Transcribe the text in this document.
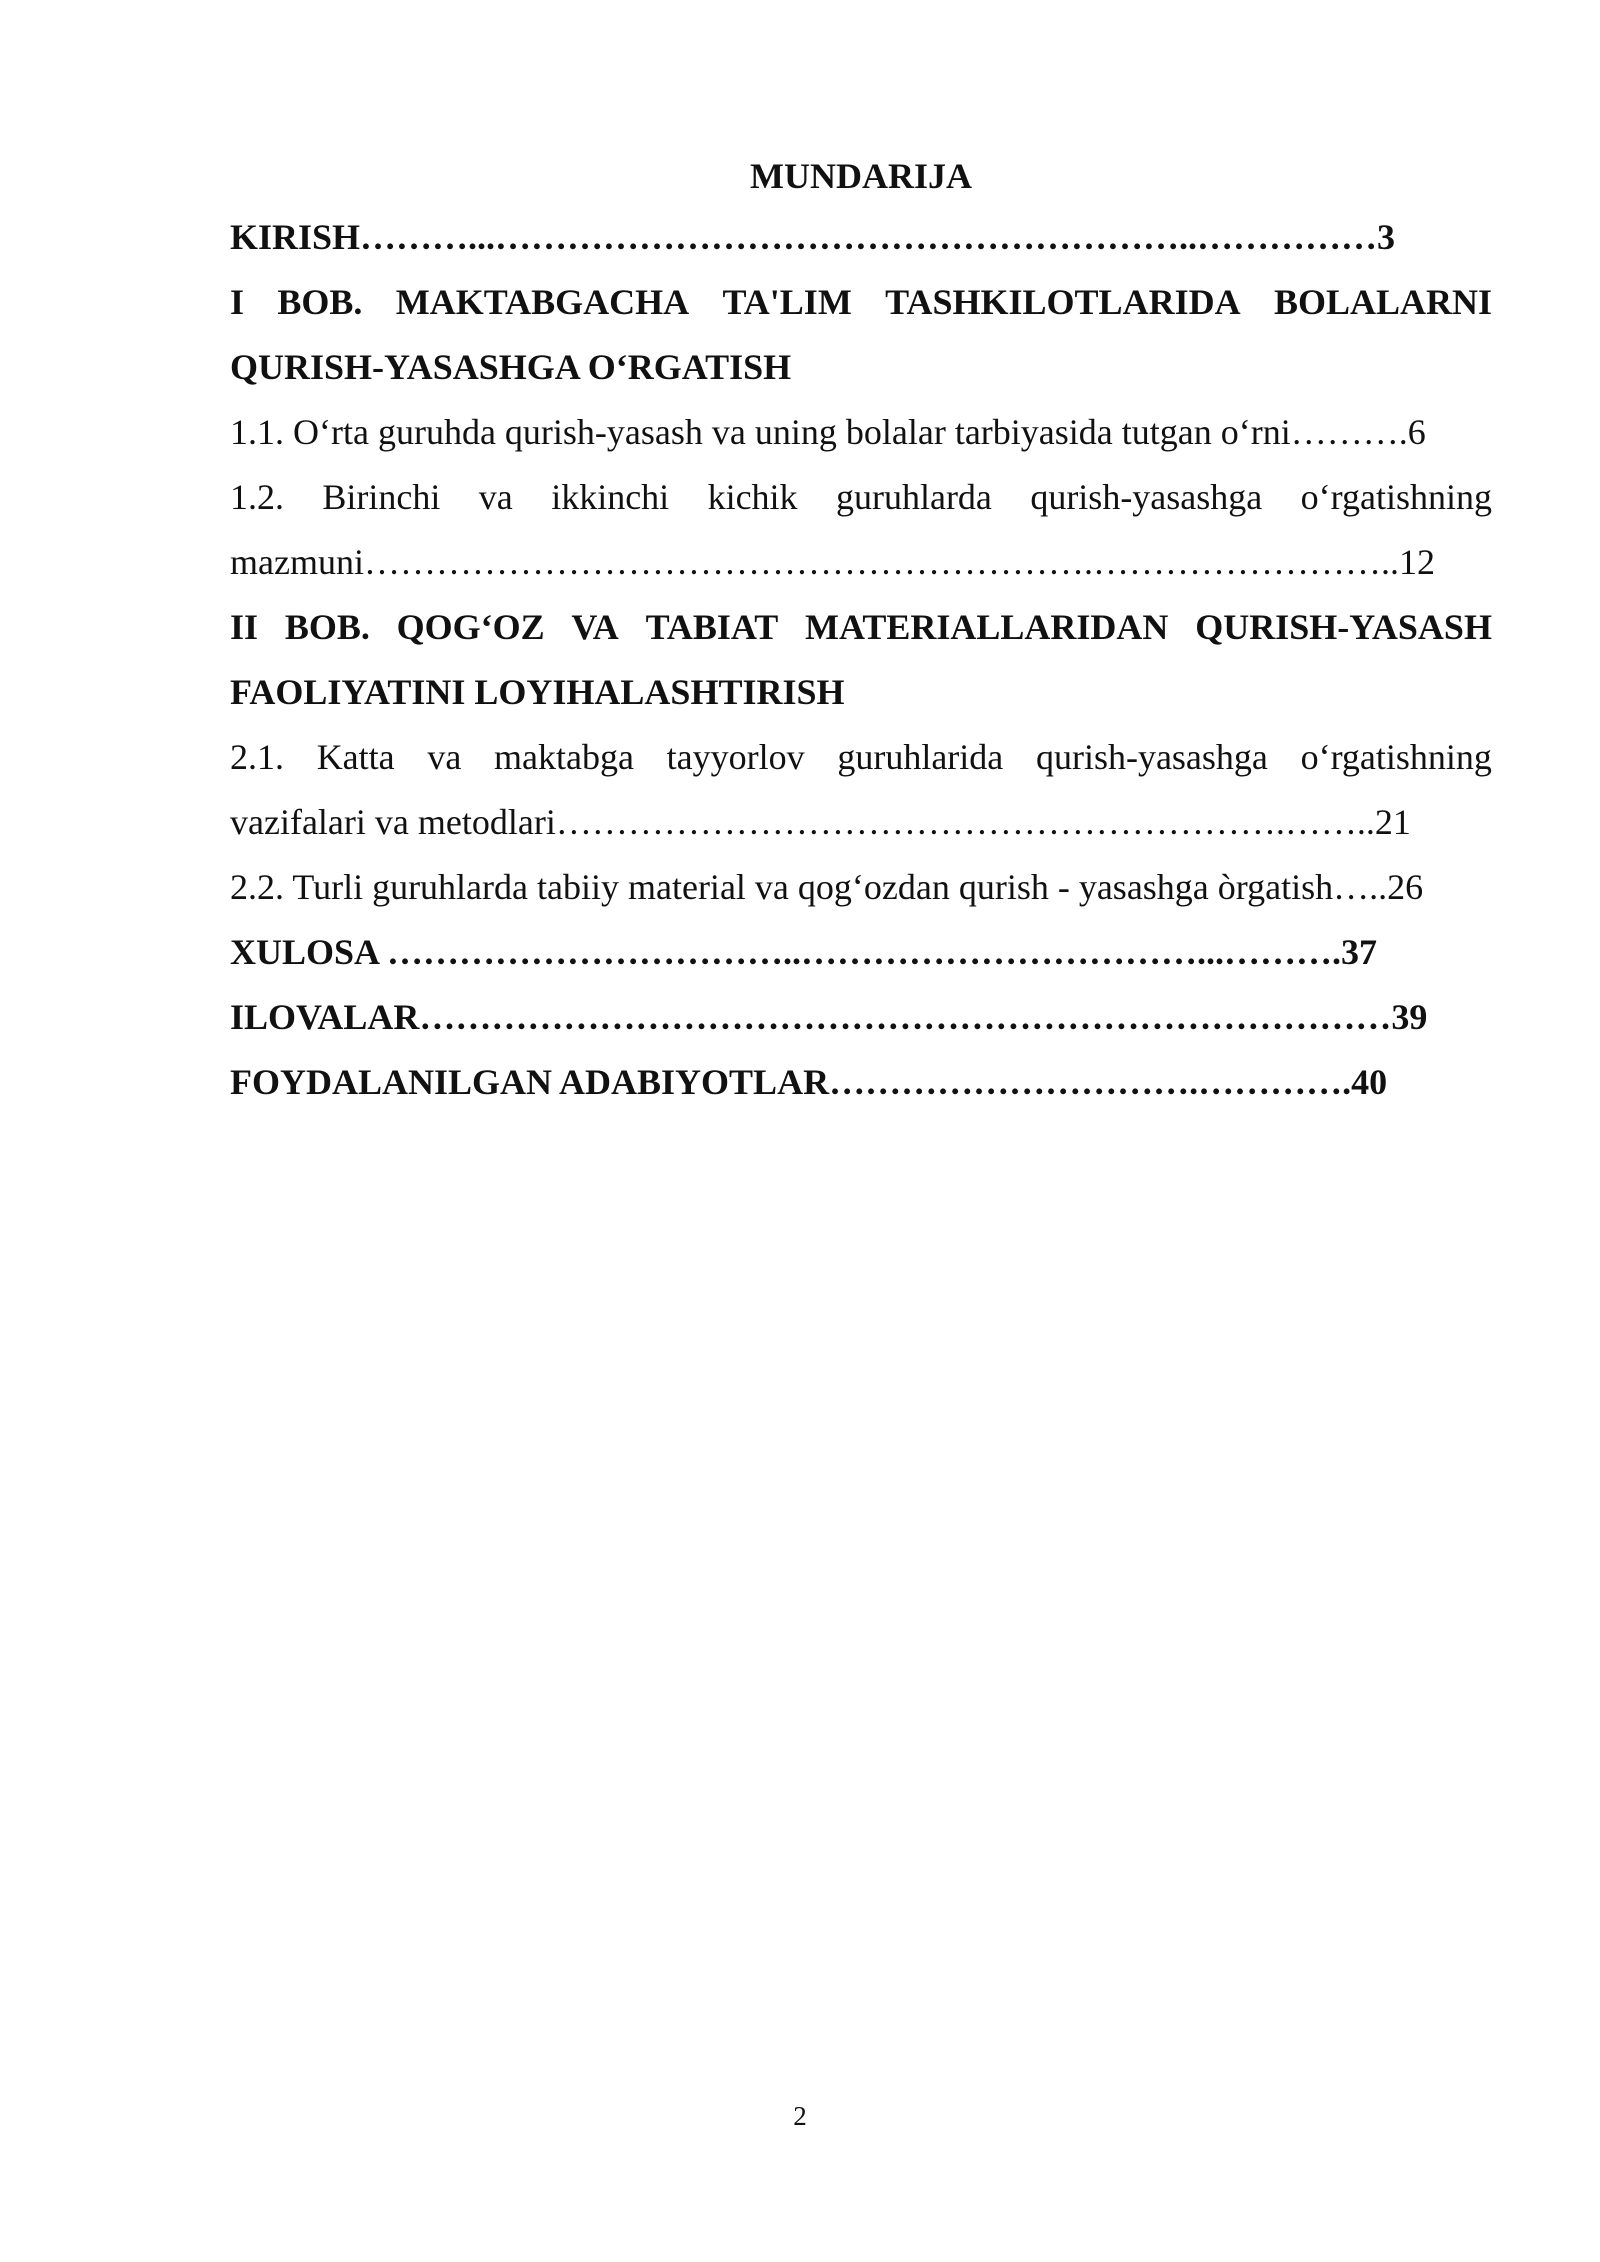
MUNDARIJA
KIRISH………...…………………………………………………..……………3
I BOB. MAKTABGACHA TA'LIM TASHKILOTLARIDA BOLALARNI
QURISH-YASASHGA O‘RGATISH
1.1. O‘rta guruhda qurish-yasash va uning bolalar tarbiyasida tutgan o‘rni……….6
1.2. Birinchi va ikkinchi kichik guruhlarda qurish-yasashga o‘rgatishning
mazmuni…………………………………………………….……………………..12
II BOB. QOG‘OZ VA TABIAT MATERIALLARIDAN QURISH-YASASH
FAOLIYATINI LOYIHALASHTIRISH
2.1. Katta va maktabga tayyorlov guruhlarida qurish-yasashga o‘rgatishning
vazifalari va metodlari…………………………………………………….……..21
2.2. Turli guruhlarda tabiiy material va qog‘ozdan qurish - yasashga òrgatish…..26
XULOSA ……………………………..……………………………...……….37
ILOVALAR………………………………………………………………………39
FOYDALANILGAN ADABIYOTLAR………………………….………….40
2
